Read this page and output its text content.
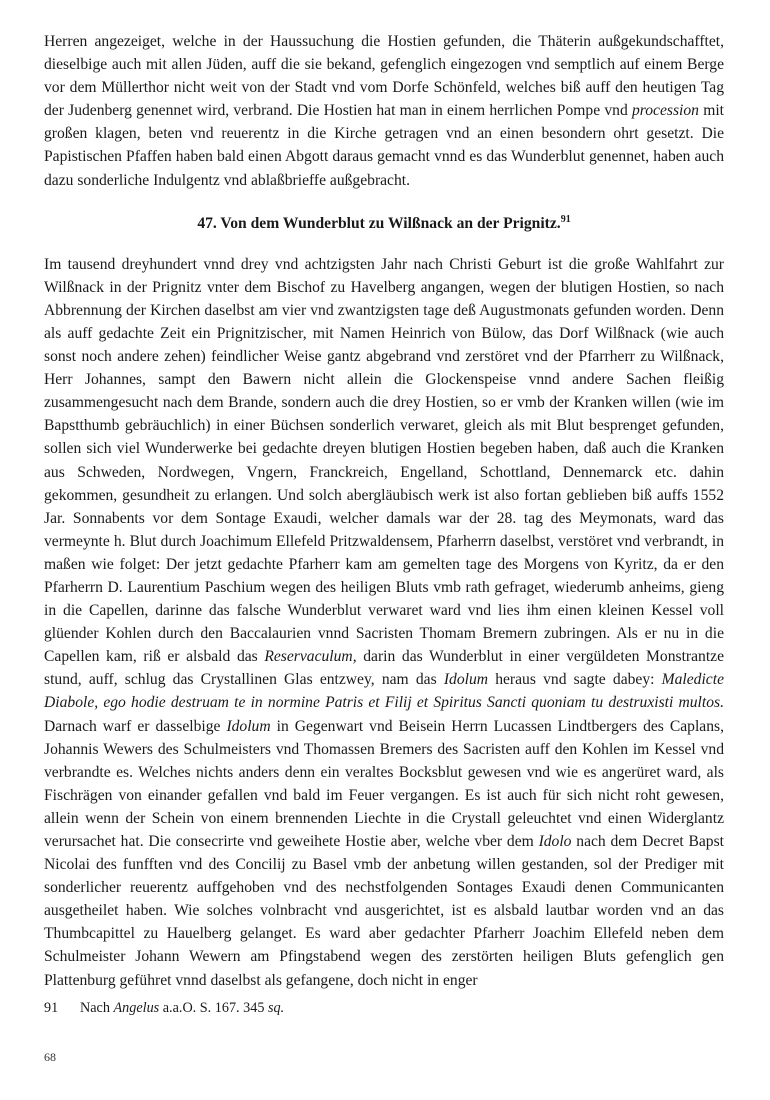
Herren angezeiget, welche in der Haussuchung die Hostien gefunden, die Thäterin außgekundschafftet, dieselbige auch mit allen Jüden, auff die sie bekand, gefenglich eingezogen vnd semptlich auf einem Berge vor dem Müllerthor nicht weit von der Stadt vnd vom Dorfe Schönfeld, welches biß auff den heutigen Tag der Judenberg genennet wird, verbrand. Die Hostien hat man in einem herrlichen Pompe vnd procession mit großen klagen, beten vnd reuerentz in die Kirche getragen vnd an einen besondern ohrt gesetzt. Die Papistischen Pfaffen haben bald einen Abgott daraus gemacht vnnd es das Wunderblut genennet, haben auch dazu sonderliche Indulgentz vnd ablaßbrieffe außgebracht.

47. Von dem Wunderblut zu Wilßnack an der Prignitz.$^{91}$

Im tausend dreyhundert vnnd drey vnd achtzigsten Jahr nach Christi Geburt ist die große Wahlfahrt zur Wilßnack in der Prignitz vnter dem Bischof zu Havelberg angangen, wegen der blutigen Hostien, so nach Abbrennung der Kirchen daselbst am vier vnd zwantzigsten tage deß Augustmonats gefunden worden. Denn als auff gedachte Zeit ein Prignitzischer, mit Namen Heinrich von Bülow, das Dorf Wilßnack (wie auch sonst noch andere zehen) feindlicher Weise gantz abgebrand vnd zerstöret vnd der Pfarrherr zu Wilßnack, Herr Johannes, sampt den Bawern nicht allein die Glockenspeise vnnd andere Sachen fleißig zusammengesucht nach dem Brande, sondern auch die drey Hostien, so er vmb der Kranken willen (wie im Bapstthumb gebräuchlich) in einer Büchsen sonderlich verwaret, gleich als mit Blut besprenget gefunden, sollen sich viel Wunderwerke bei gedachte dreyen blutigen Hostien begeben haben, daß auch die Kranken aus Schweden, Nordwegen, Vngern, Franckreich, Engelland, Schottland, Dennemarck etc. dahin gekommen, gesundheit zu erlangen. Und solch abergläubisch werk ist also fortan geblieben biß auffs 1552 Jar. Sonnabents vor dem Sontage Exaudi, welcher damals war der 28. tag des Meymonats, ward das vermeynte h. Blut durch Joachimum Ellefeld Pritzwaldensem, Pfarherrn daselbst, verstöret vnd verbrandt, in maßen wie folget: Der jetzt gedachte Pfarherr kam am gemelten tage des Morgens von Kyritz, da er den Pfarherrn D. Laurentium Paschium wegen des heiligen Bluts vmb rath gefraget, wiederumb anheims, gieng in die Capellen, darinne das falsche Wunderblut verwaret ward vnd lies ihm einen kleinen Kessel voll glüender Kohlen durch den Baccalaurien vnnd Sacristen Thomam Bremern zubringen. Als er nu in die Capellen kam, riß er alsbald das Reservaculum, darin das Wunderblut in einer vergüldeten Monstrantze stund, auff, schlug das Crystallinen Glas entzwey, nam das Idolum heraus vnd sagte dabey: Maledicte Diabole, ego hodie destruam te in normine Patris et Filij et Spiritus Sancti quoniam tu destruxisti multos. Darnach warf er dasselbige Idolum in Gegenwart vnd Beisein Herrn Lucassen Lindtbergers des Caplans, Johannis Wewers des Schulmeisters vnd Thomassen Bremers des Sacristen auff den Kohlen im Kessel vnd verbrandte es. Welches nichts anders denn ein veraltes Bocksblut gewesen vnd wie es angerüret ward, als Fischrägen von einander gefallen vnd bald im Feuer vergangen. Es ist auch für sich nicht roht gewesen, allein wenn der Schein von einem brennenden Liechte in die Crystall geleuchtet vnd einen Widerglantz verursachet hat. Die consecrirte vnd geweihete Hostie aber, welche vber dem Idolo nach dem Decret Bapst Nicolai des funfften vnd des Concilij zu Basel vmb der anbetung willen gestanden, sol der Prediger mit sonderlicher reuerentz auffgehoben vnd des nechstfolgenden Sontages Exaudi denen Communicanten ausgetheilet haben. Wie solches volnbracht vnd ausgerichtet, ist es alsbald lautbar worden vnd an das Thumbcapittel zu Hauelberg gelanget. Es ward aber gedachter Pfarherr Joachim Ellefeld neben dem Schulmeister Johann Wewern am Pfingstabend wegen des zerstörten heiligen Bluts gefenglich gen Plattenburg geführet vnnd daselbst als gefangene, doch nicht in enger

91 Nach Angelus a.a.O. S. 167. 345 sq.
68
